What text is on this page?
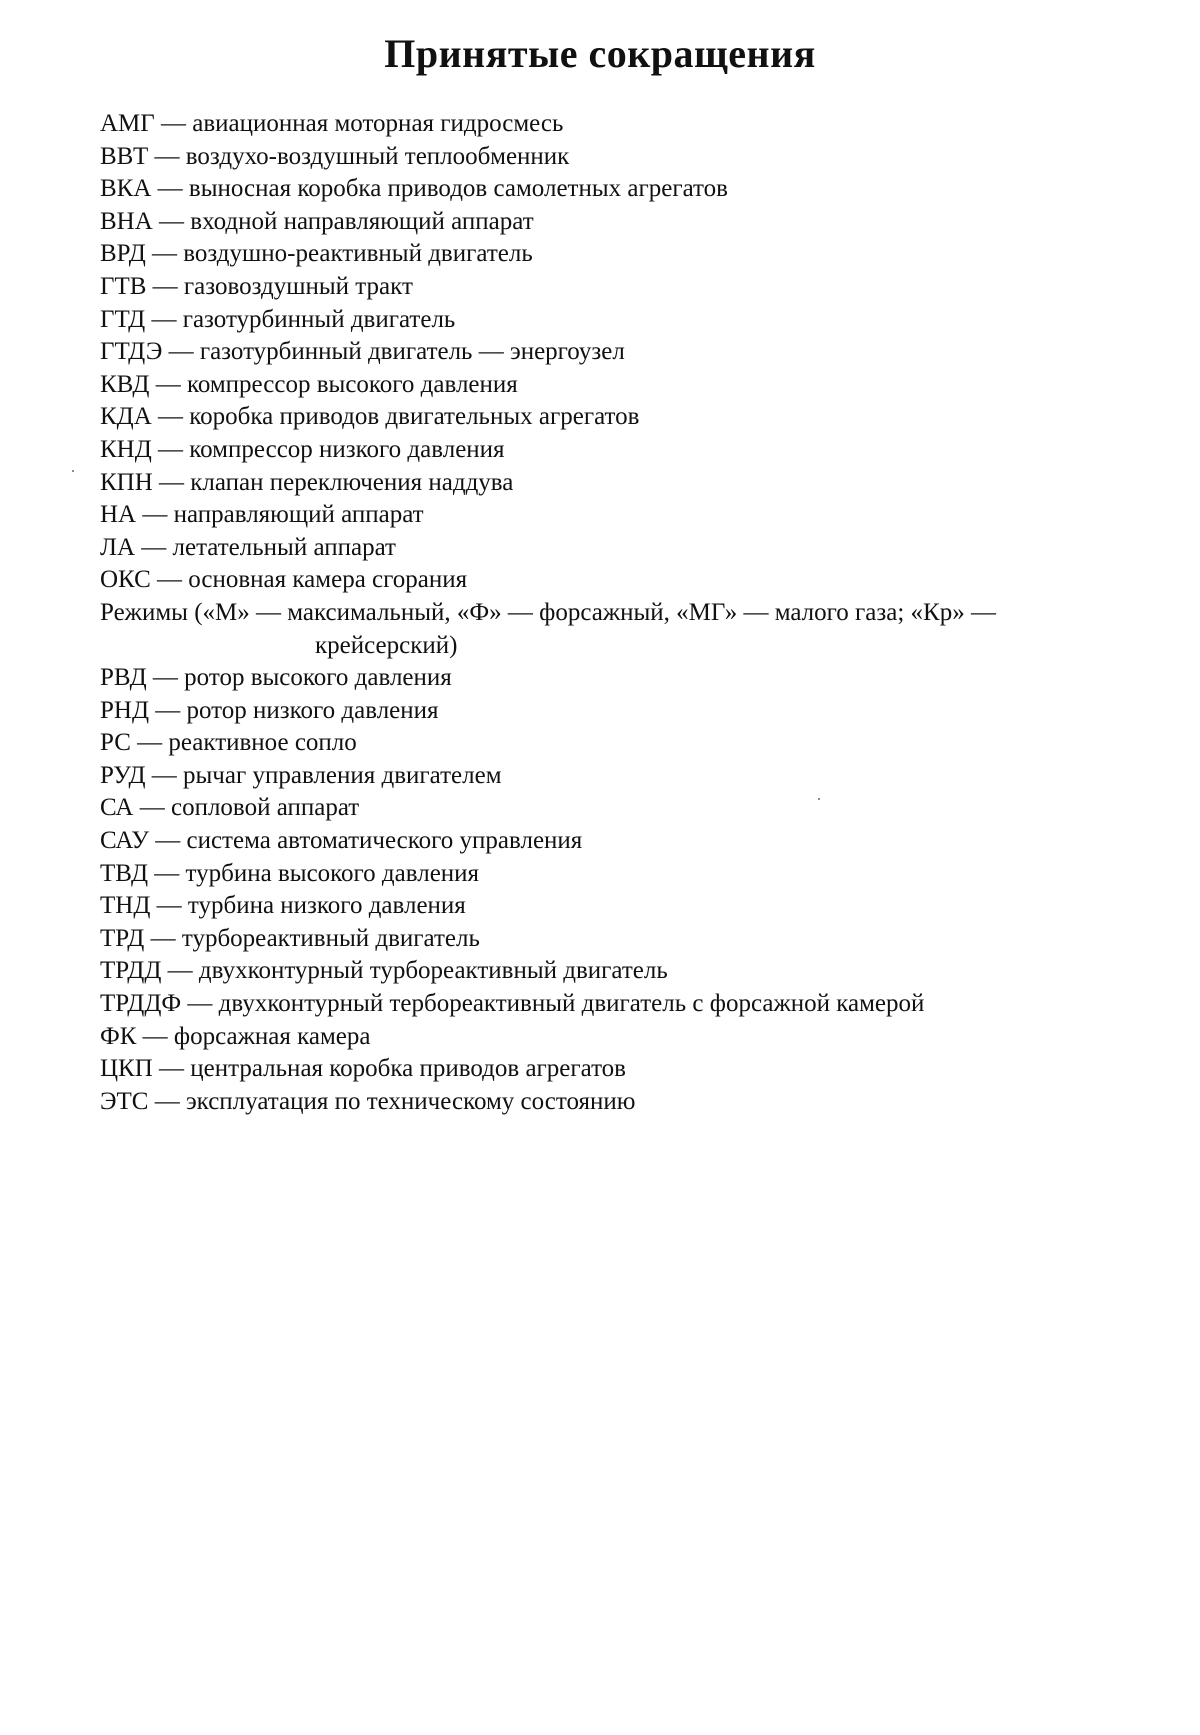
Принятые сокращения
АМГ — авиационная моторная гидросмесь
ВВТ — воздухо-воздушный теплообменник
ВКА — выносная коробка приводов самолетных агрегатов
ВНА — входной направляющий аппарат
ВРД — воздушно-реактивный двигатель
ГТВ — газовоздушный тракт
ГТД — газотурбинный двигатель
ГТДЭ — газотурбинный двигатель — энергоузел
КВД — компрессор высокого давления
КДА — коробка приводов двигательных агрегатов
КНД — компрессор низкого давления
КПН — клапан переключения наддува
НА — направляющий аппарат
ЛА — летательный аппарат
ОКС — основная камера сгорания
Режимы («М» — максимальный, «Ф» — форсажный, «МГ» — малого газа; «Кр» —
крейсерский)
РВД — ротор высокого давления
РНД — ротор низкого давления
РС — реактивное сопло
РУД — рычаг управления двигателем
СА — сопловой аппарат
САУ — система автоматического управления
ТВД — турбина высокого давления
ТНД — турбина низкого давления
ТРД — турбореактивный двигатель
ТРДД — двухконтурный турбореактивный двигатель
ТРДДФ — двухконтурный терборeактивный двигатель с форсажной камерой
ФК — форсажная камера
ЦКП — центральная коробка приводов агрегатов
ЭТС — эксплуатация по техническому состоянию
